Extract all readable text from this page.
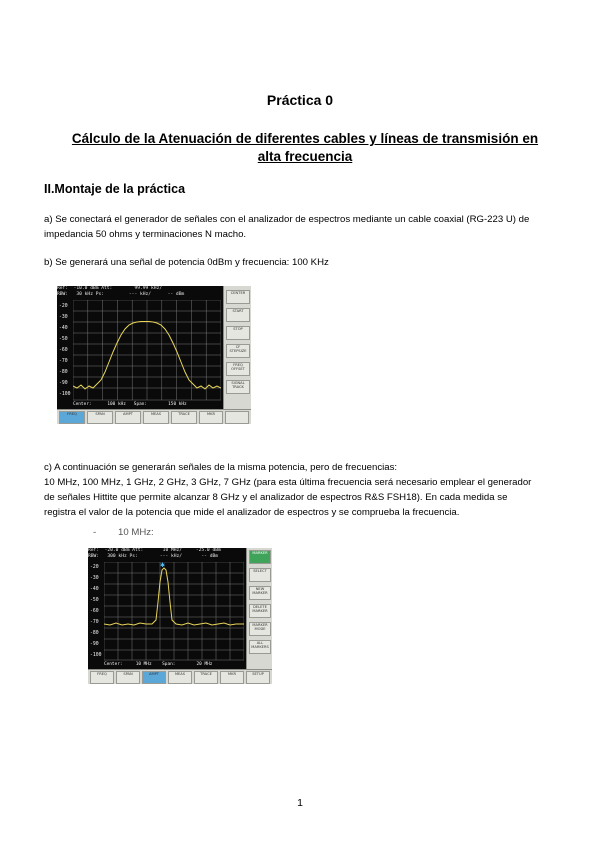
Práctica 0
Cálculo de la Atenuación de diferentes cables y líneas de transmisión en
alta frecuencia
II.Montaje de la práctica
a) Se conectará el generador de señales con el analizador de espectros mediante un cable coaxial (RG-223 U) de
impedancia 50 ohms y terminaciones N macho.
b) Se generará una señal de potencia 0dBm y frecuencia: 100 KHz
Ref:  -10.0 dBm Att:        99.99 kHz/
RBW:   30 kHz Ps:         --- kHz/      -- dBm
-20
-30
-40
-50
-60
-70
-80
-90
-100
Center:      100 kHz   Span:        150 kHz
CENTER
START
STOP
CF STEPSIZE
FREQ OFFSET
SIGNAL TRACK
FREQ	SPAN	AMPT	MEAS	TRACE	MKR
c) A continuación se generarán señales de la misma potencia, pero de frecuencias:
10 MHz, 100 MHz, 1 GHz, 2 GHz, 3 GHz, 7 GHz (para esta última frecuencia será necesario emplear el generador
de señales Hittite que permite alcanzar 8 GHz y el analizador de espectros R&S FSH18). En cada medida se
registra el valor de la potencia que mide el analizador de espectros y se comprueba la frecuencia.
- 10 MHz:
Ref:  -20.0 dBm Att:       10 MHz/     -25.0 dBm
RBW:   300 kHz Ps:        --- kHz/       -- dBm
-20
-30
-40
-50
-60
-70
-80
-90
-100
✱
Center:     10 MHz    Span:        20 MHz
MARKER
SELECT
NEW MARKER
DELETE MARKER
MARKER MODE
ALL MARKERS
FREQ	SPAN	AMPT	MEAS	TRACE	MKR	SETUP
1
